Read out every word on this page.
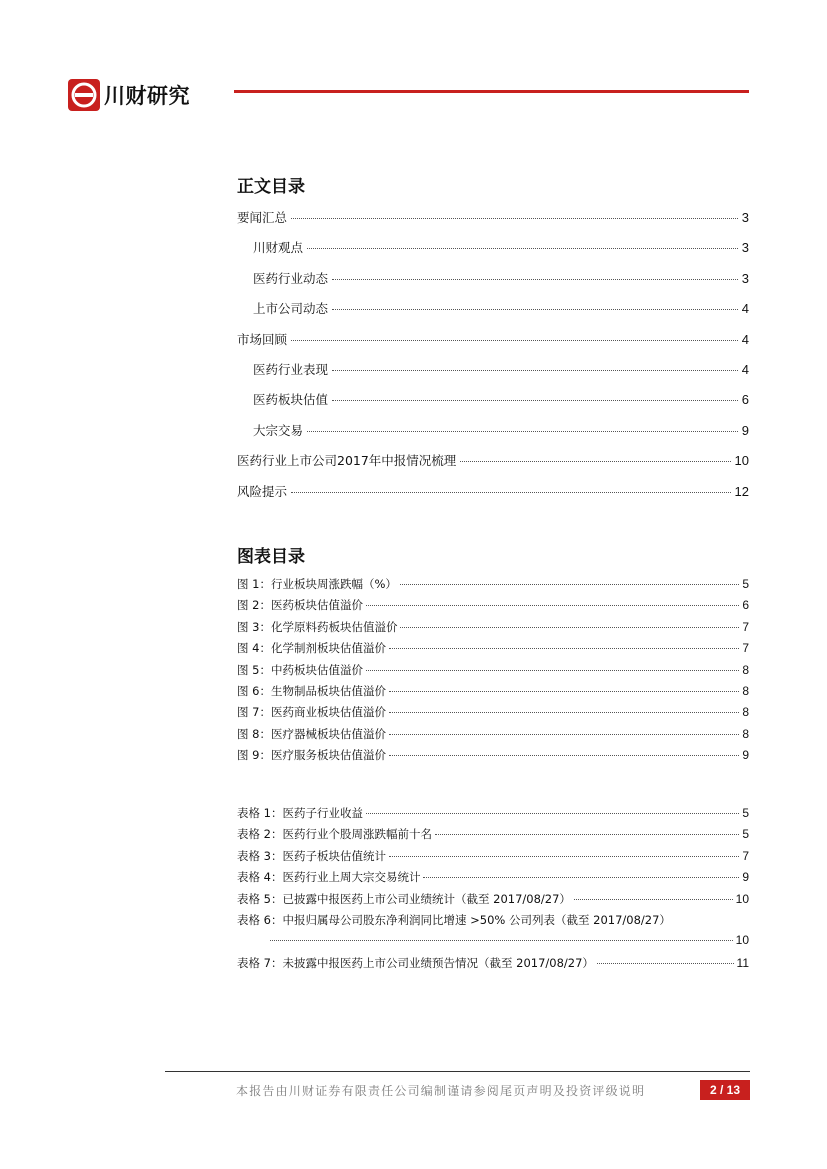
川财研究
正文目录
要闻汇总	3
川财观点	3
医药行业动态	3
上市公司动态	4
市场回顾	4
医药行业表现	4
医药板块估值	6
大宗交易	9
医药行业上市公司2017年中报情况梳理	10
风险提示	12
图表目录
图 1：行业板块周涨跌幅（%）	5
图 2：医药板块估值溢价	6
图 3：化学原料药板块估值溢价	7
图 4：化学制剂板块估值溢价	7
图 5：中药板块估值溢价	8
图 6：生物制品板块估值溢价	8
图 7：医药商业板块估值溢价	8
图 8：医疗器械板块估值溢价	8
图 9：医疗服务板块估值溢价	9
表格 1：医药子行业收益	5
表格 2：医药行业个股周涨跌幅前十名	5
表格 3：医药子板块估值统计	7
表格 4：医药行业上周大宗交易统计	9
表格 5：已披露中报医药上市公司业绩统计（截至 2017/08/27）	10
表格 6：中报归属母公司股东净利润同比增速 >50% 公司列表（截至 2017/08/27）
10
表格 7：未披露中报医药上市公司业绩预告情况（截至 2017/08/27）	11
本报告由川财证券有限责任公司编制谨请参阅尾页声明及投资评级说明	2 / 13
